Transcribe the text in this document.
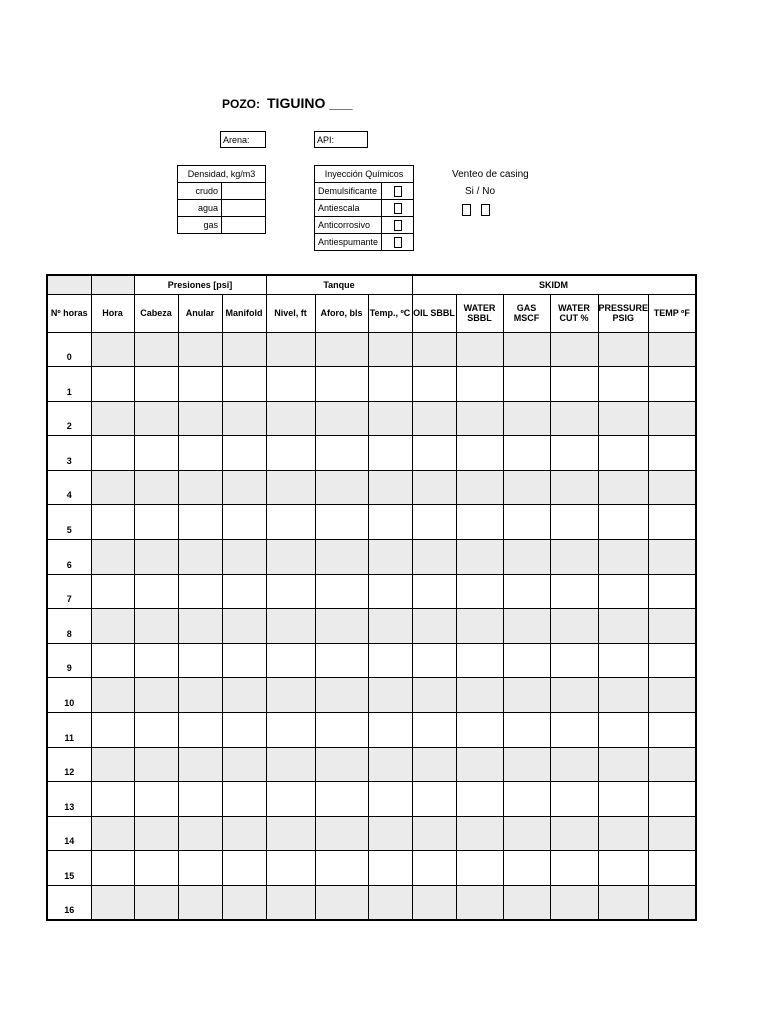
POZO: TIGUINO ___
Arena:	API:
Densidad, kg/m3	
crudo	
agua	
gas	
Inyección Químicos	
Demulsificante	
Antiescala	
Anticorrosivo	
Antiespumante	
Venteo de casing
Si / No
		Presiones [psi]			Tanque			SKIDM					
Nº horas	Hora	Cabeza	Anular	Manifold	Nivel, ft	Aforo, bls	Temp., ºC	OIL SBBL	WATER SBBL	GAS MSCF	WATER CUT %	PRESSURE PSIG	TEMP ºF
0													
1													
2													
3													
4													
5													
6													
7													
8													
9													
10													
11													
12													
13													
14													
15													
16													
